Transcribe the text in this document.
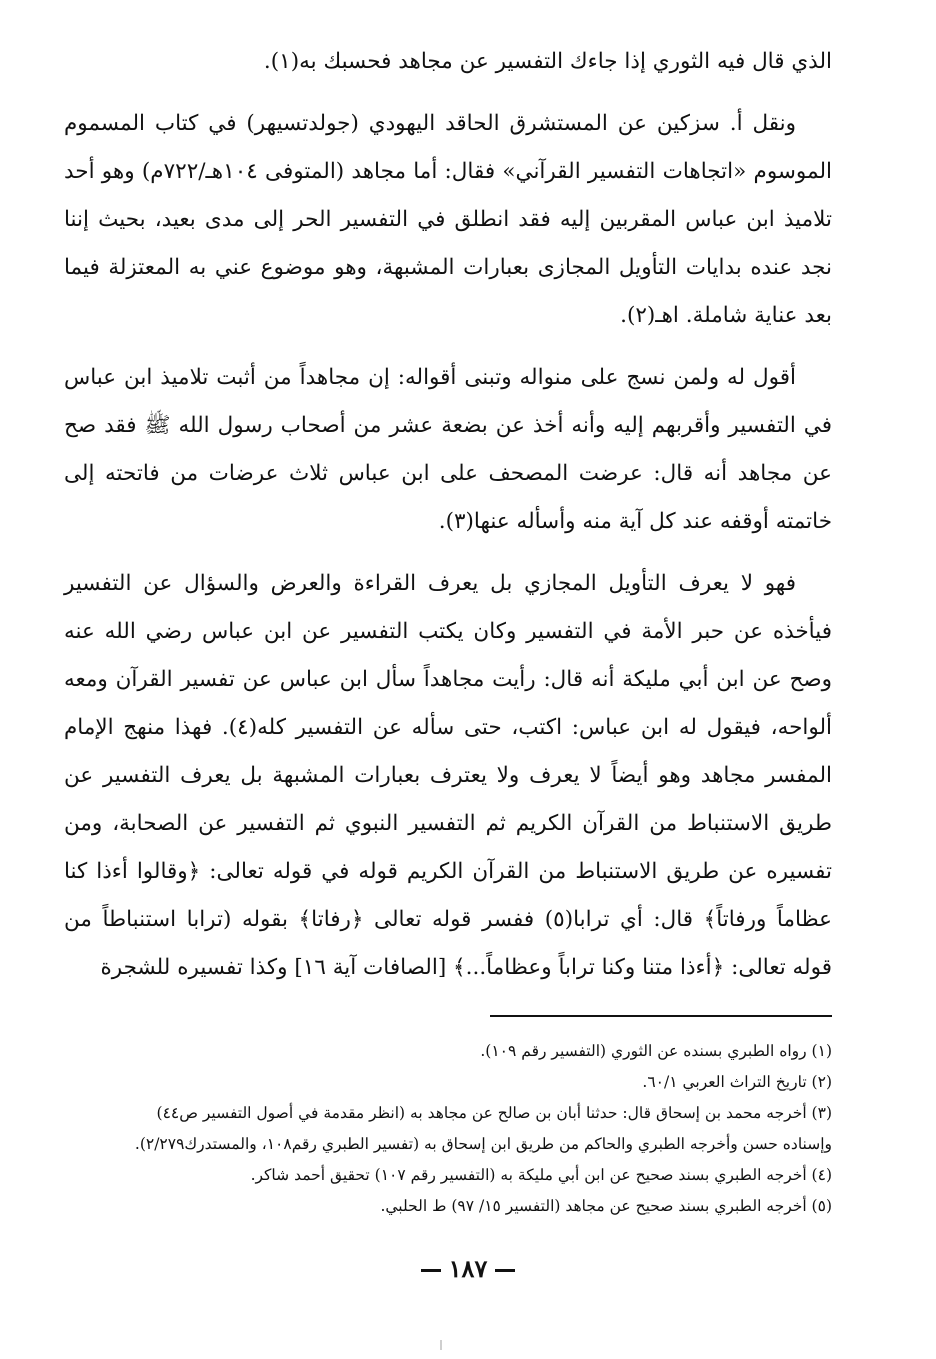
الذي قال فيه الثوري إذا جاءك التفسير عن مجاهد فحسبك به(١).

ونقل أ. سزكين عن المستشرق الحاقد اليهودي (جولدتسيهر) في كتاب المسموم الموسوم «اتجاهات التفسير القرآني» فقال: أما مجاهد (المتوفى ١٠٤هـ/٧٢٢م) وهو أحد تلاميذ ابن عباس المقربين إليه فقد انطلق في التفسير الحر إلى مدى بعيد، بحيث إننا نجد عنده بدايات التأويل المجازى بعبارات المشبهة، وهو موضوع عني به المعتزلة فيما بعد عناية شاملة. اهـ(٢).

أقول له ولمن نسج على منواله وتبنى أقواله: إن مجاهداً من أثبت تلاميذ ابن عباس في التفسير وأقربهم إليه وأنه أخذ عن بضعة عشر من أصحاب رسول الله ﷺ فقد صح عن مجاهد أنه قال: عرضت المصحف على ابن عباس ثلاث عرضات من فاتحته إلى خاتمته أوقفه عند كل آية منه وأسأله عنها(٣).

فهو لا يعرف التأويل المجازي بل يعرف القراءة والعرض والسؤال عن التفسير فيأخذه عن حبر الأمة في التفسير وكان يكتب التفسير عن ابن عباس رضي الله عنه وصح عن ابن أبي مليكة أنه قال: رأيت مجاهداً سأل ابن عباس عن تفسير القرآن ومعه ألواحه، فيقول له ابن عباس: اكتب، حتى سأله عن التفسير كله(٤). فهذا منهج الإمام المفسر مجاهد وهو أيضاً لا يعرف ولا يعترف بعبارات المشبهة بل يعرف التفسير عن طريق الاستنباط من القرآن الكريم ثم التفسير النبوي ثم التفسير عن الصحابة، ومن تفسيره عن طريق الاستنباط من القرآن الكريم قوله في قوله تعالى: ﴿وقالوا أءذا كنا عظاماً ورفاتاً﴾ قال: أي ترابا(٥) ففسر قوله تعالى ﴿رفاتا﴾ بقوله (ترابا استنباطاً من قوله تعالى: ﴿أءذا متنا وكنا تراباً وعظاماً...﴾ [الصافات آية ١٦] وكذا تفسيره للشجرة

(١) رواه الطبري بسنده عن الثوري (التفسير رقم ١٠٩).

(٢) تاريخ التراث العربي ٦٠/١.

(٣) أخرجه محمد بن إسحاق قال: حدثنا أبان بن صالح عن مجاهد به (انظر مقدمة في أصول التفسير ص٤٤)

وإسناده حسن وأخرجه الطبري والحاكم من طريق ابن إسحاق به (تفسير الطبري رقم١٠٨، والمستدرك٢/٢٧٩).

(٤) أخرجه الطبري بسند صحيح عن ابن أبي مليكة به (التفسير رقم ١٠٧) تحقيق أحمد شاكر.

(٥) أخرجه الطبري بسند صحيح عن مجاهد (التفسير ١٥/ ٩٧) ط الحلبي.

١٨٧
